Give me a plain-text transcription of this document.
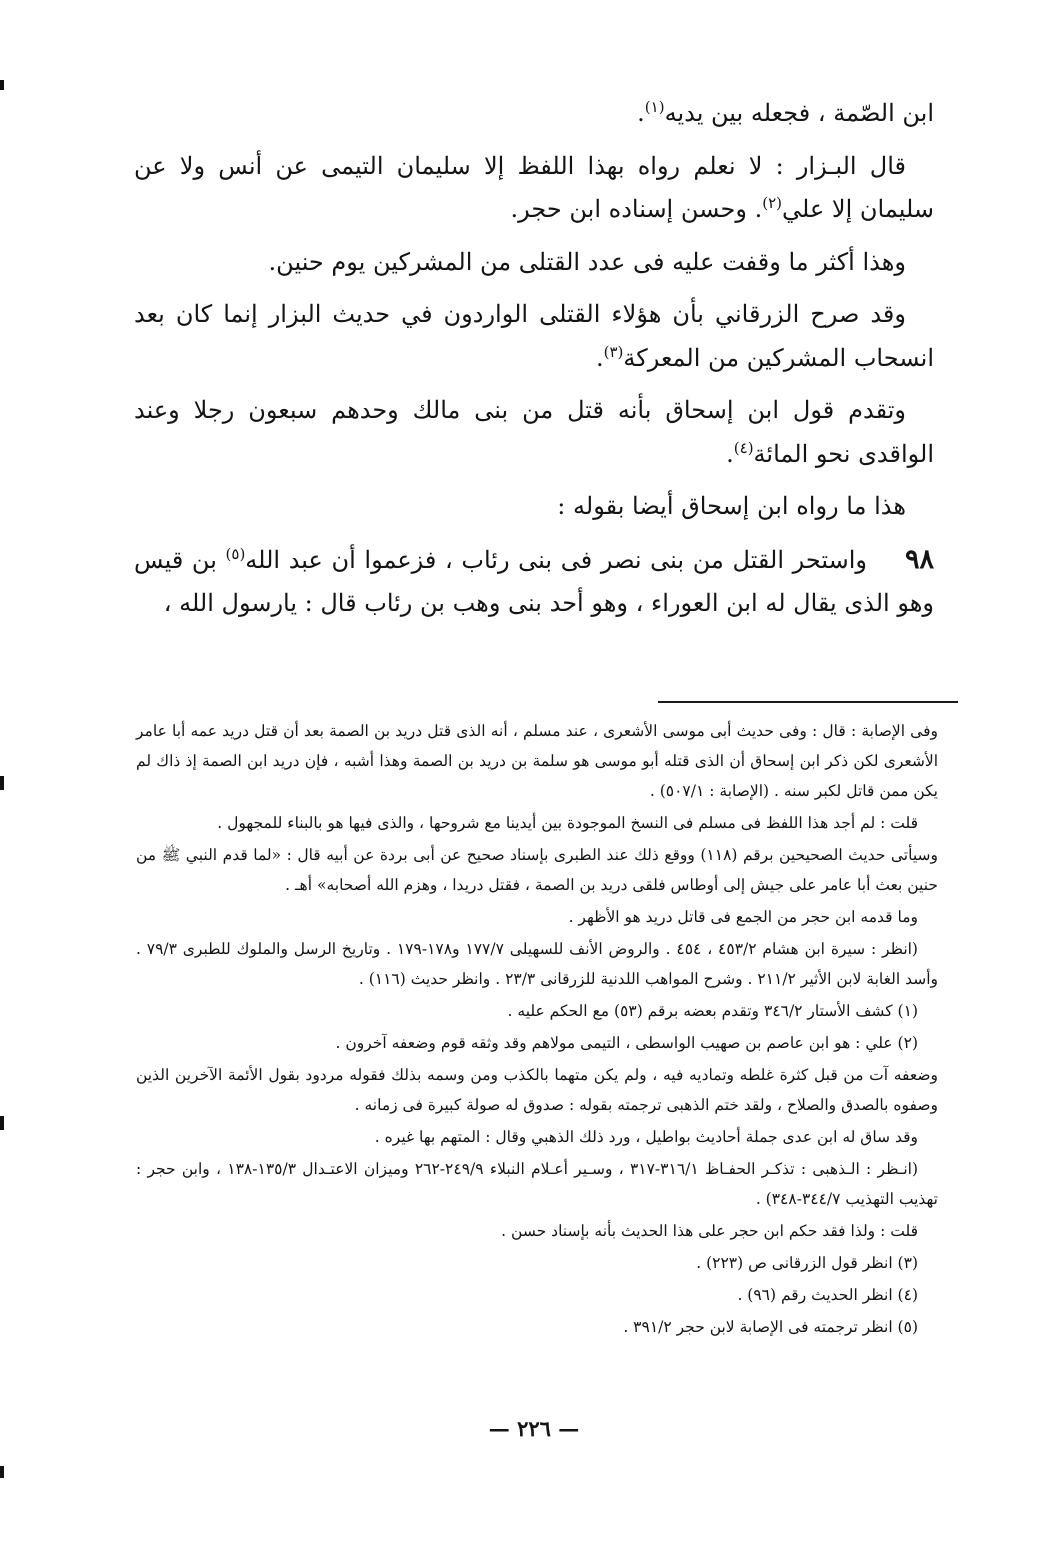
ابن الصّمة ، فجعله بين يديه$^{(١)}$.

قال البـزار : لا نعلم رواه بهذا اللفظ إلا سليمان التيمى عن أنس ولا عن سليمان إلا علي$^{(٢)}$. وحسن إسناده ابن حجر.

وهذا أكثر ما وقفت عليه فى عدد القتلى من المشركين يوم حنين.

وقد صرح الزرقاني بأن هؤلاء القتلى الواردون في حديث البزار إنما كان بعد انسحاب المشركين من المعركة$^{(٣)}$.

وتقدم قول ابن إسحاق بأنه قتل من بنى مالك وحدهم سبعون رجلا وعند الواقدى نحو المائة$^{(٤)}$.

هذا ما رواه ابن إسحاق أيضا بقوله :

٩٨واستحر القتل من بنى نصر فى بنى رئاب ، فزعموا أن عبد الله$^{(٥)}$ بن قيس وهو الذى يقال له ابن العوراء ، وهو أحد بنى وهب بن رئاب قال : يارسول الله ،

وفى الإصابة : قال : وفى حديث أبى موسى الأشعرى ، عند مسلم ، أنه الذى قتل دريد بن الصمة بعد أن قتل دريد عمه أبا عامر الأشعرى لكن ذكر ابن إسحاق أن الذى قتله أبو موسى هو سلمة بن دريد بن الصمة وهذا أشبه ، فإن دريد ابن الصمة إذ ذاك لم يكن ممن قاتل لكبر سنه . (الإصابة : ٥٠٧/١) .

قلت : لم أجد هذا اللفظ فى مسلم فى النسخ الموجودة بين أيدينا مع شروحها ، والذى فيها هو بالبناء للمجهول .

وسيأتى حديث الصحيحين برقم (١١٨) ووقع ذلك عند الطبرى بإسناد صحيح عن أبى بردة عن أبيه قال : «لما قدم النبي ﷺ من حنين بعث أبا عامر على جيش إلى أوطاس فلقى دريد بن الصمة ، فقتل دريدا ، وهزم الله أصحابه» أهـ .

وما قدمه ابن حجر من الجمع فى قاتل دريد هو الأظهر .

(انظر : سيرة ابن هشام ٤٥٣/٢ ، ٤٥٤ . والروض الأنف للسهيلى ١٧٧/٧ و١٧٨-١٧٩ . وتاريخ الرسل والملوك للطبرى ٧٩/٣ . وأسد الغابة لابن الأثير ٢١١/٢ . وشرح المواهب اللدنية للزرقانى ٢٣/٣ . وانظر حديث (١١٦) .

(١) كشف الأستار ٣٤٦/٢ وتقدم بعضه برقم (٥٣) مع الحكم عليه .

(٢) علي : هو ابن عاصم بن صهيب الواسطى ، التيمى مولاهم وقد وثقه قوم وضعفه آخرون .

وضعفه آت من قبل كثرة غلطه وتماديه فيه ، ولم يكن متهما بالكذب ومن وسمه بذلك فقوله مردود بقول الأئمة الآخرين الذين وصفوه بالصدق والصلاح ، ولقد ختم الذهبى ترجمته بقوله : صدوق له صولة كبيرة فى زمانه .

وقد ساق له ابن عدى جملة أحاديث بواطيل ، ورد ذلك الذهبي وقال : المتهم بها غيره .

(انـظر : الـذهبى : تذكـر الحفـاظ ٣١٦/١-٣١٧ ، وسـير أعـلام النبلاء ٢٤٩/٩-٢٦٢ وميزان الاعتـدال ١٣٥/٣-١٣٨ ، وابن حجر : تهذيب التهذيب ٣٤٤/٧-٣٤٨) .

قلت : ولذا فقد حكم ابن حجر على هذا الحديث بأنه بإسناد حسن .

(٣) انظر قول الزرقانى ص (٢٢٣) .

(٤) انظر الحديث رقم (٩٦) .

(٥) انظر ترجمته فى الإصابة لابن حجر ٣٩١/٢ .

— ٢٢٦ —
